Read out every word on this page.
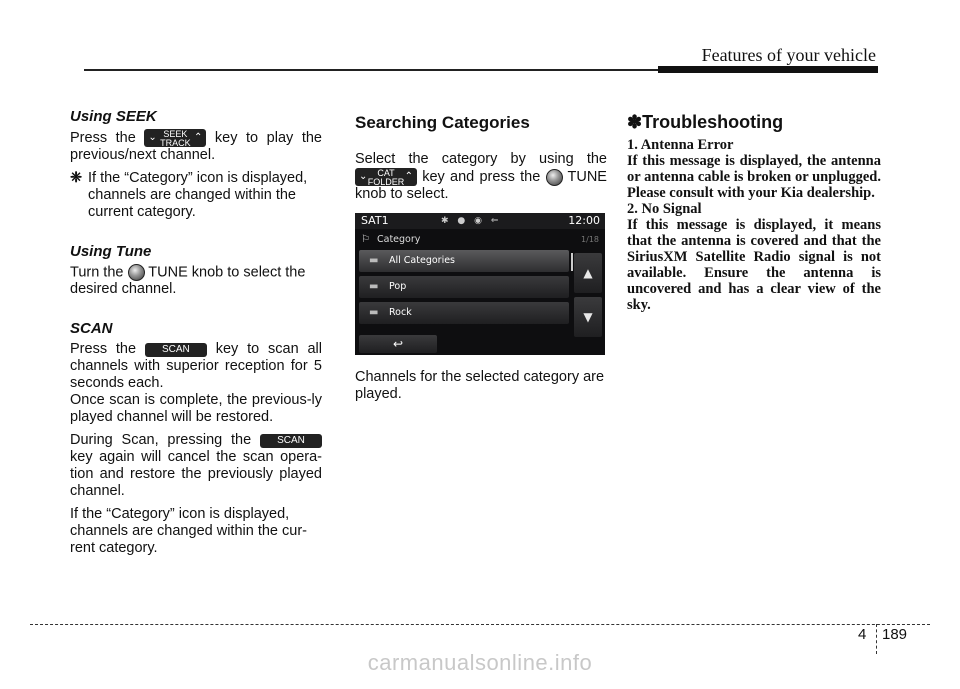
Features of your vehicle
Using SEEK

Press the ⌄ SEEK
TRACK ⌃ key to play the previous/next channel.

❈ If the “Category” icon is displayed, channels are changed within the current category.

Using Tune

Turn the TUNE knob to select the desired channel.

SCAN

Press the	SCAN key to scan all channels with superior reception for 5 seconds each.
Once scan is complete, the previous-ly played channel will be restored.

During Scan, pressing the	SCAN key again will cancel the scan opera-tion and restore the previously played channel.

If the “Category” icon is displayed, channels are changed within the cur-rent category.

Searching Categories

Select the category by using the
⌄ CAT
FOLDER ⌃ key and press the TUNE knob to select.

SAT1	✱ ● ◉ ⇐	12:00
⚐ Category	1/18
▬ All Categories
▬ Pop
▬ Rock
▲
▼
↩

Channels for the selected category are played.

✽Troubleshooting

1. Antenna Error

If this message is displayed, the antenna or antenna cable is broken or unplugged. Please consult with your Kia dealership.

2. No Signal

If this message is displayed, it means that the antenna is covered and that the SiriusXM Satellite Radio signal is not available. Ensure the antenna is uncovered and has a clear view of the sky.

4 189
carmanualsonline.info
